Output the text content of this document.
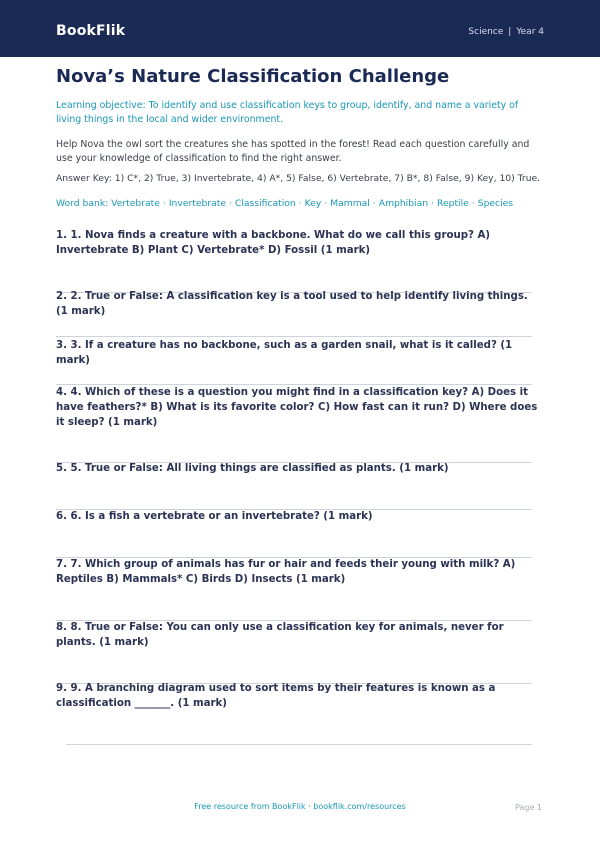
BookFlik	Science | Year 4
Nova’s Nature Classification Challenge
Learning objective: To identify and use classification keys to group, identify, and name a variety of living things in the local and wider environment.
Help Nova the owl sort the creatures she has spotted in the forest! Read each question carefully and use your knowledge of classification to find the right answer.
Answer Key: 1) C*, 2) True, 3) Invertebrate, 4) A*, 5) False, 6) Vertebrate, 7) B*, 8) False, 9) Key, 10) True.
Word bank: Vertebrate · Invertebrate · Classification · Key · Mammal · Amphibian · Reptile · Species
1. 1. Nova finds a creature with a backbone. What do we call this group? A) Invertebrate B) Plant C) Vertebrate* D) Fossil (1 mark)
2. 2. True or False: A classification key is a tool used to help identify living things. (1 mark)
3. 3. If a creature has no backbone, such as a garden snail, what is it called? (1 mark)
4. 4. Which of these is a question you might find in a classification key? A) Does it have feathers?* B) What is its favorite color? C) How fast can it run? D) Where does it sleep? (1 mark)
5. 5. True or False: All living things are classified as plants. (1 mark)
6. 6. Is a fish a vertebrate or an invertebrate? (1 mark)
7. 7. Which group of animals has fur or hair and feeds their young with milk? A) Reptiles B) Mammals* C) Birds D) Insects (1 mark)
8. 8. True or False: You can only use a classification key for animals, never for plants. (1 mark)
9. 9. A branching diagram used to sort items by their features is known as a classification _______. (1 mark)
Free resource from BookFlik · bookflik.com/resources	Page 1
